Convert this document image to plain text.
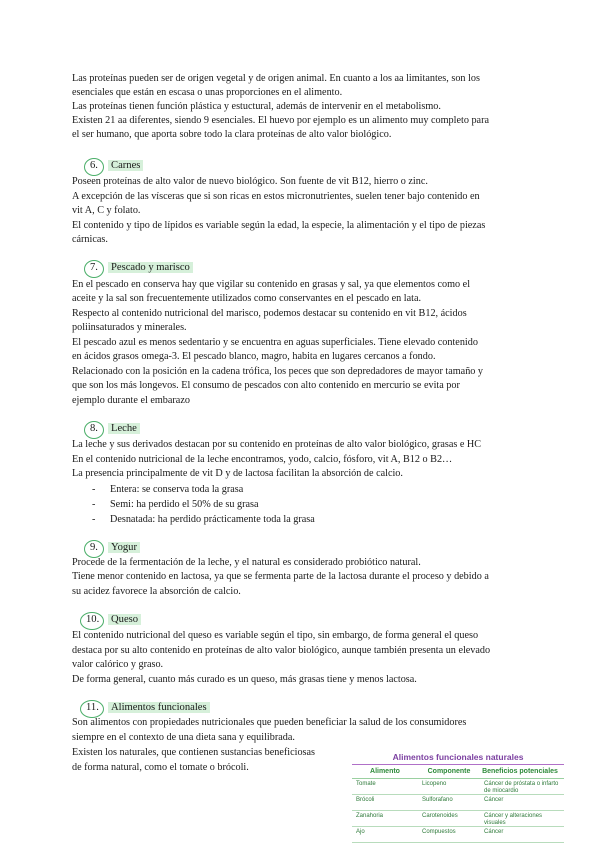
Las proteínas pueden ser de origen vegetal y de origen animal. En cuanto a los aa limitantes, son los
esenciales que están en escasa o unas proporciones en el alimento.
Las proteínas tienen función plástica y estuctural, además de intervenir en el metabolismo.
Existen 21 aa diferentes, siendo 9 esenciales. El huevo por ejemplo es un alimento muy completo para
el ser humano, que aporta sobre todo la clara proteínas de alto valor biológico.
6. Carnes
Poseen proteínas de alto valor de nuevo biológico. Son fuente de vit B12, hierro o zinc.
A excepción de las vísceras que si son ricas en estos micronutrientes, suelen tener bajo contenido en
vit A, C y folato.
El contenido y tipo de lípidos es variable según la edad, la especie, la alimentación y el tipo de piezas
cárnicas.
7. Pescado y marisco
En el pescado en conserva hay que vigilar su contenido en grasas y sal, ya que elementos como el
aceite y la sal son frecuentemente utilizados como conservantes en el pescado en lata.
Respecto al contenido nutricional del marisco, podemos destacar su contenido en vit B12, ácidos
poliinsaturados y minerales.
El pescado azul es menos sedentario y se encuentra en aguas superficiales. Tiene elevado contenido
en ácidos grasos omega-3. El pescado blanco, magro, habita en lugares cercanos a fondo.
Relacionado con la posición en la cadena trófica, los peces que son depredadores de mayor tamaño y
que son los más longevos. El consumo de pescados con alto contenido en mercurio se evita por
ejemplo durante el embarazo
8. Leche
La leche y sus derivados destacan por su contenido en proteínas de alto valor biológico, grasas e HC
En el contenido nutricional de la leche encontramos, yodo, calcio, fósforo, vit A, B12 o B2…
La presencia principalmente de vit D y de lactosa facilitan la absorción de calcio.
- Entera: se conserva toda la grasa
- Semi: ha perdido el 50% de su grasa
- Desnatada: ha perdido prácticamente toda la grasa
9. Yogur
Procede de la fermentación de la leche, y el natural es considerado probiótico natural.
Tiene menor contenido en lactosa, ya que se fermenta parte de la lactosa durante el proceso y debido a
su acidez favorece la absorción de calcio.
10. Queso
El contenido nutricional del queso es variable según el tipo, sin embargo, de forma general el queso
destaca por su alto contenido en proteínas de alto valor biológico, aunque también presenta un elevado
valor calórico y graso.
De forma general, cuanto más curado es un queso, más grasas tiene y menos lactosa.
11. Alimentos funcionales
Son alimentos con propiedades nutricionales que pueden beneficiar la salud de los consumidores
siempre en el contexto de una dieta sana y equilibrada.
Existen los naturales, que contienen sustancias beneficiosas
de forma natural, como el tomate o brócoli.
Alimentos funcionales naturales
Alimento	Componente	Beneficios potenciales
Tomate	Licopeno	Cáncer de próstata o infarto de miocardio
Brócoli	Sulforafano	Cáncer
Zanahoria	Carotenoides	Cáncer y alteraciones visuales
Ajo	Compuestos	Cáncer
